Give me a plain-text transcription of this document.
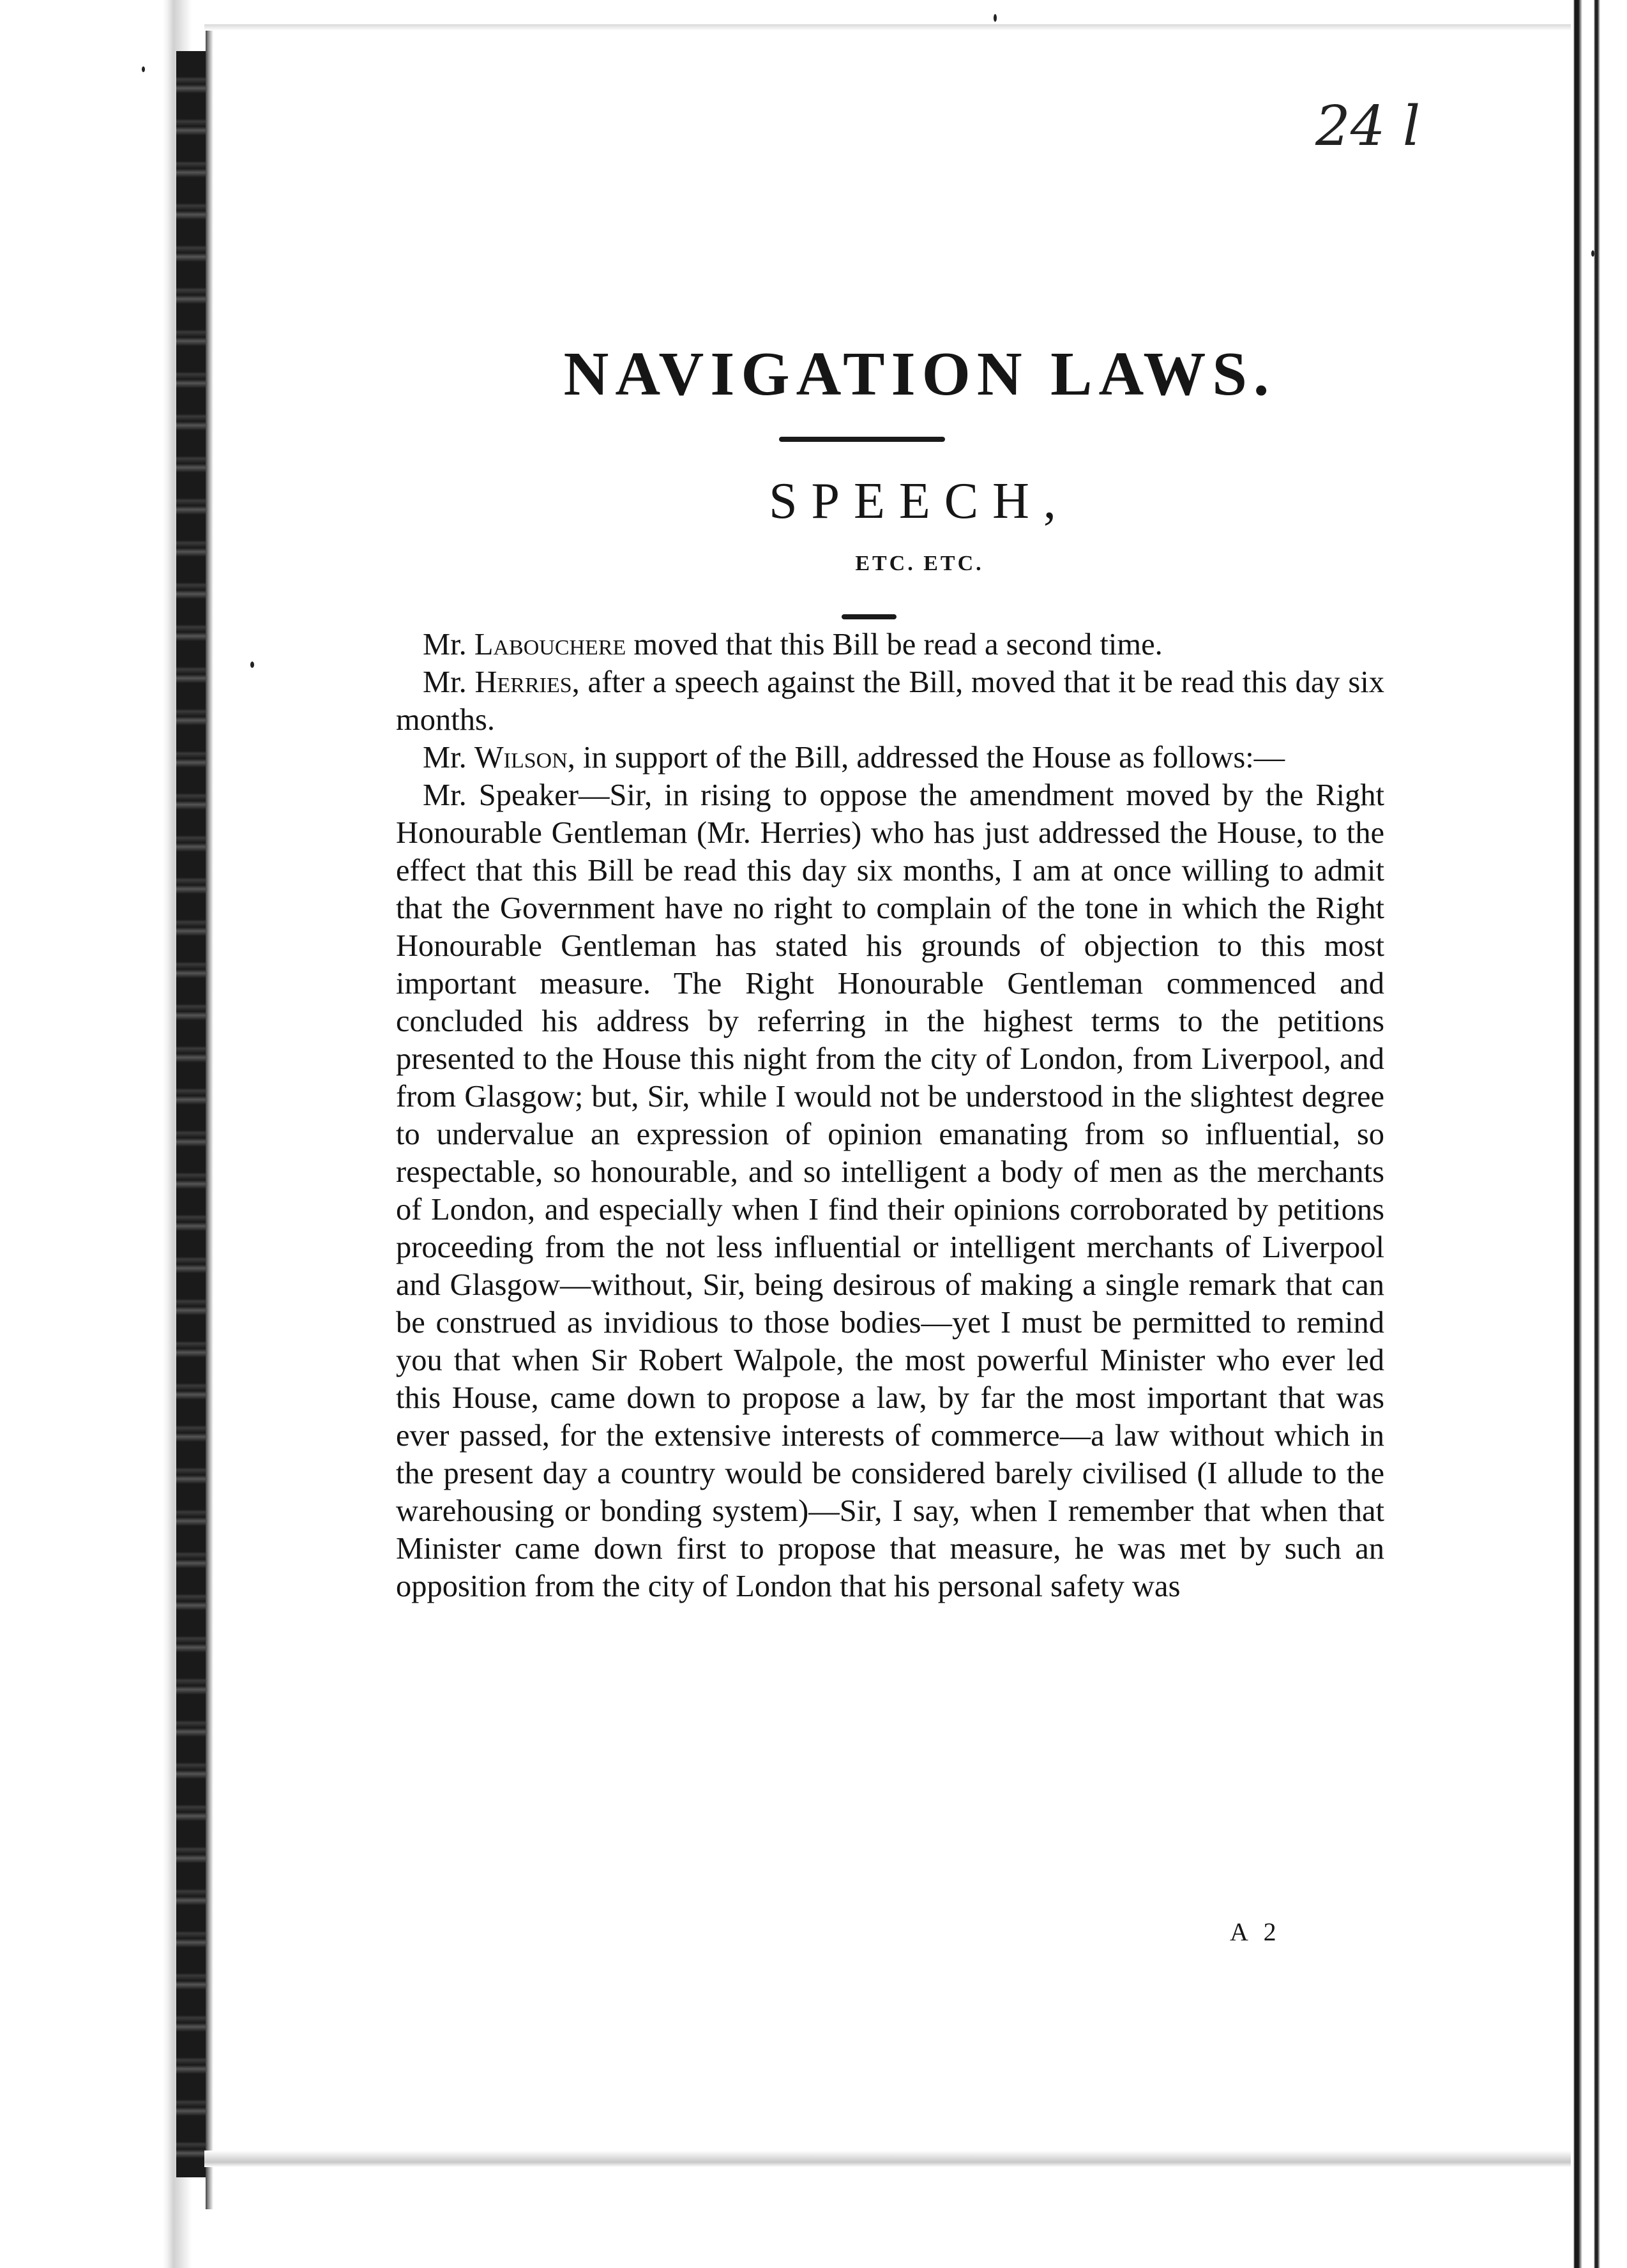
24 l
NAVIGATION LAWS.
SPEECH,
ETC. ETC.

Mr. Labouchere moved that this Bill be read a second time.

Mr. Herries, after a speech against the Bill, moved that it be read this day six months.

Mr. Wilson, in support of the Bill, addressed the House as follows:—

Mr. Speaker—Sir, in rising to oppose the amendment moved by the Right Honourable Gentleman (Mr. Herries) who has just addressed the House, to the effect that this Bill be read this day six months, I am at once willing to admit that the Government have no right to complain of the tone in which the Right Honourable Gentleman has stated his grounds of objection to this most important measure. The Right Honourable Gentleman commenced and concluded his address by referring in the highest terms to the petitions presented to the House this night from the city of London, from Liverpool, and from Glasgow; but, Sir, while I would not be understood in the slightest degree to undervalue an expression of opinion emanating from so influential, so respectable, so honourable, and so intelligent a body of men as the merchants of London, and especially when I find their opinions corroborated by petitions proceeding from the not less influential or intelligent merchants of Liverpool and Glasgow—without, Sir, being desirous of making a single remark that can be construed as invidious to those bodies—yet I must be permitted to remind you that when Sir Robert Walpole, the most powerful Minister who ever led this House, came down to propose a law, by far the most important that was ever passed, for the extensive interests of commerce—a law without which in the present day a country would be considered barely civilised (I allude to the warehousing or bonding system)—Sir, I say, when I remember that when that Minister came down first to propose that measure, he was met by such an opposition from the city of London that his personal safety was

A 2
